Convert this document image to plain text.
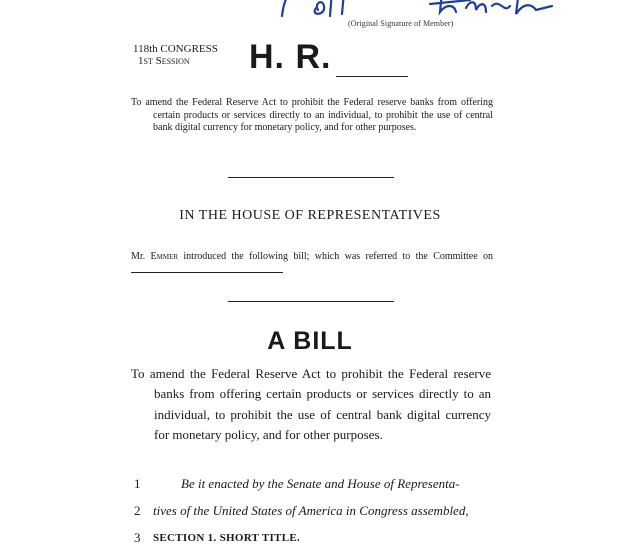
(Original Signature of Member)
118th CONGRESS
1st Session	H. R.

To amend the Federal Reserve Act to prohibit the Federal reserve banks from offering certain products or services directly to an individual, to prohibit the use of central bank digital currency for monetary policy, and for other purposes.

IN THE HOUSE OF REPRESENTATIVES

Mr. Emmer introduced the following bill; which was referred to the Committee on

A BILL

To amend the Federal Reserve Act to prohibit the Federal reserve banks from offering certain products or services directly to an individual, to prohibit the use of central bank digital currency for monetary policy, and for other purposes.

1	Be it enacted by the Senate and House of Representa-
2 tives of the United States of America in Congress assembled,
3 SECTION 1. SHORT TITLE.
